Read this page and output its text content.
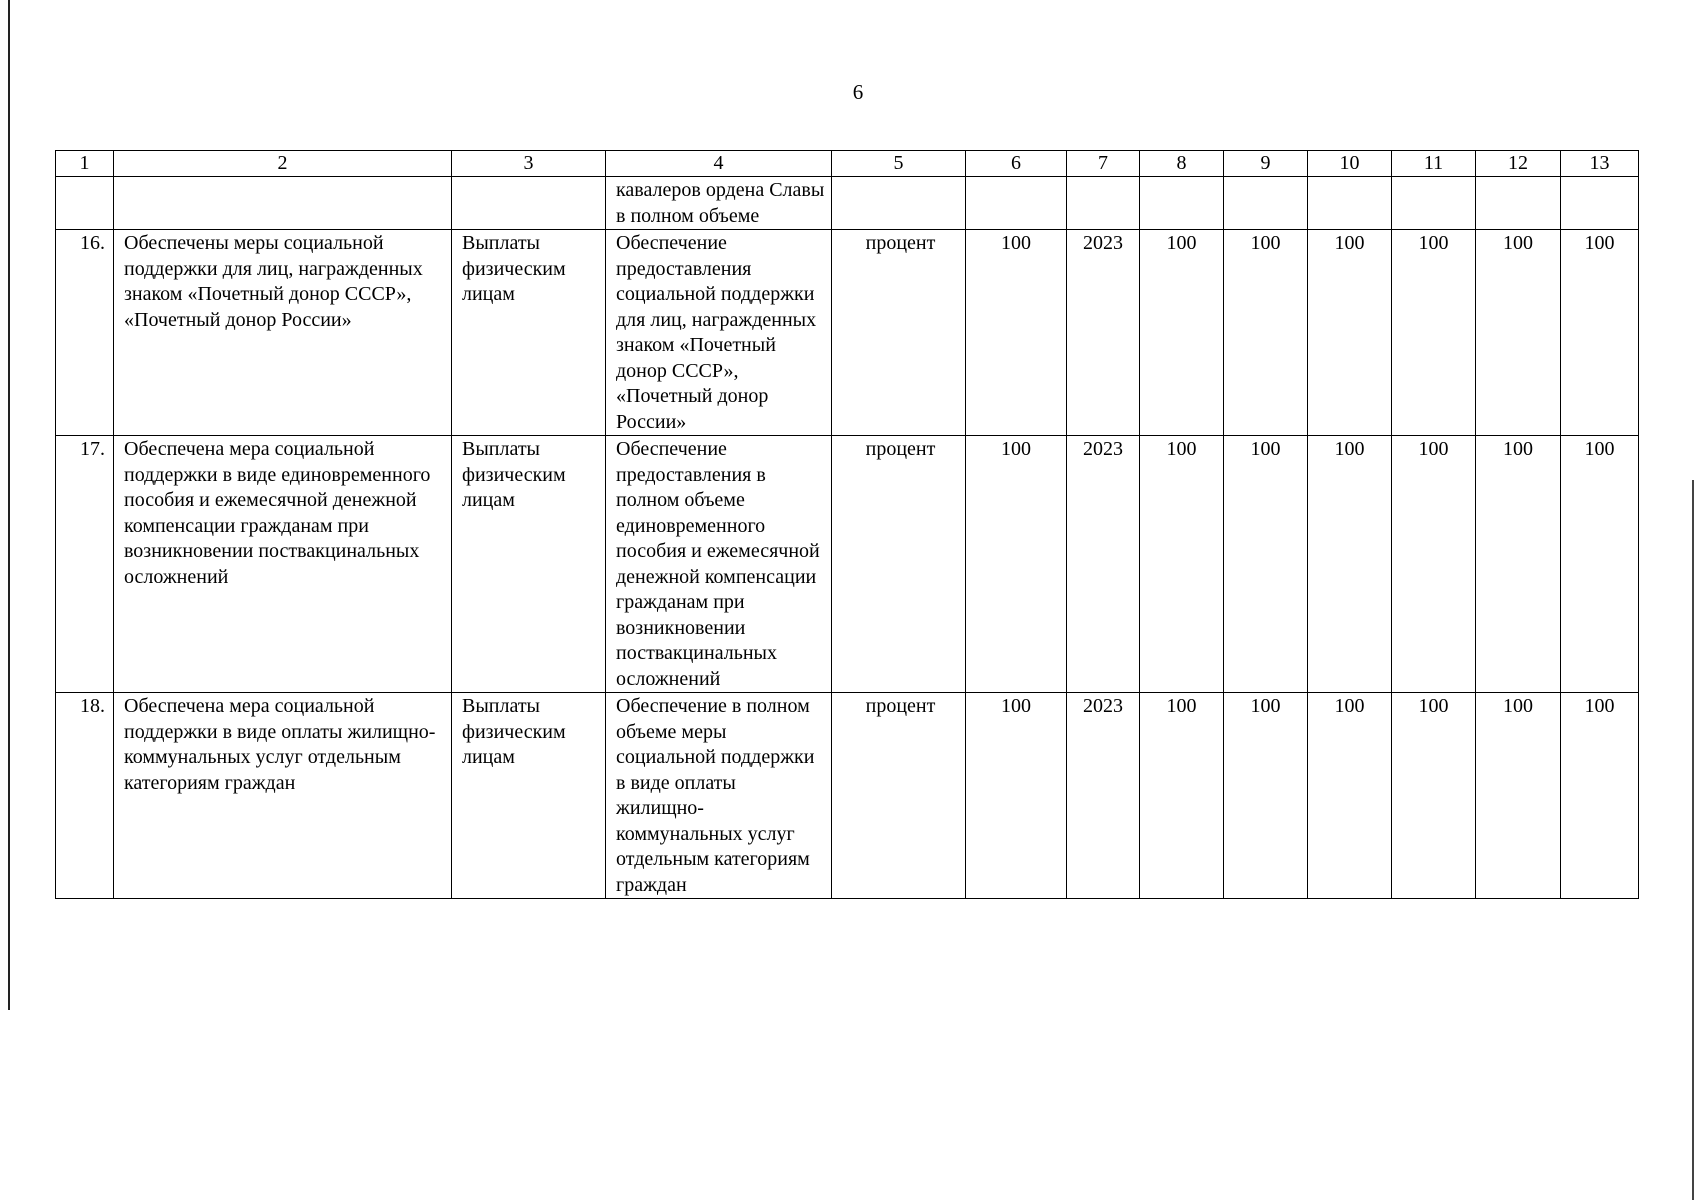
6
1	2	3	4	5	6	7	8	9	10	11	12	13
			кавалеров ордена Славы в полном объеме									
16.	Обеспечены меры социальной поддержки для лиц, награжденных знаком «Почетный донор СССР», «Почетный донор России»	Выплаты физическим лицам	Обеспечение предоставления социальной поддержки для лиц, награжденных знаком «Почетный донор СССР», «Почетный донор России»	процент	100	2023	100	100	100	100	100	100
17.	Обеспечена мера социальной поддержки в виде единовременного пособия и ежемесячной денежной компенсации гражданам при возникновении поствакцинальных осложнений	Выплаты физическим лицам	Обеспечение предоставления в полном объеме единовременного пособия и ежемесячной денежной компенсации гражданам при возникновении поствакцинальных осложнений	процент	100	2023	100	100	100	100	100	100
18.	Обеспечена мера социальной поддержки в виде оплаты жилищно-коммунальных услуг отдельным категориям граждан	Выплаты физическим лицам	Обеспечение в полном объеме меры социальной поддержки в виде оплаты жилищно-коммунальных услуг отдельным категориям граждан	процент	100	2023	100	100	100	100	100	100
